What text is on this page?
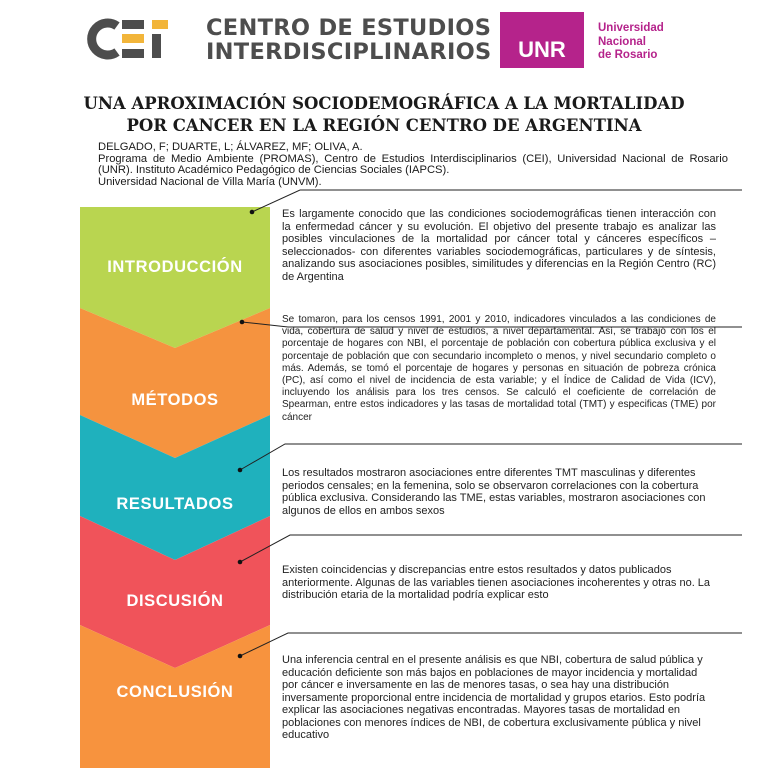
CENTRO DE ESTUDIOS
INTERDISCIPLINARIOS	UNR
Universidad
Nacional
de Rosario
UNA APROXIMACIÓN SOCIODEMOGRÁFICA A LA MORTALIDAD
POR CANCER EN LA REGIÓN CENTRO DE ARGENTINA
DELGADO, F; DUARTE, L; ÁLVAREZ, MF; OLIVA, A.
Programa de Medio Ambiente (PROMAS), Centro de Estudios Interdisciplinarios (CEI), Universidad Nacional de Rosario (UNR). Instituto Académico Pedagógico de Ciencias Sociales (IAPCS).
Universidad Nacional de Villa María (UNVM).
INTRODUCCIÓN
MÉTODOS
RESULTADOS
DISCUSIÓN
CONCLUSIÓN
Es largamente conocido que las condiciones sociodemográficas tienen interacción con la enfermedad cáncer y su evolución. El objetivo del presente trabajo es analizar las posibles vinculaciones de la mortalidad por cáncer total y cánceres específicos – seleccionados- con diferentes variables sociodemográficas, particulares y de síntesis, analizando sus asociaciones posibles, similitudes y diferencias en la Región Centro (RC) de Argentina
Se tomaron, para los censos 1991, 2001 y 2010, indicadores vinculados a las condiciones de vida, cobertura de salud y nivel de estudios, a nivel departamental. Así, se trabajó con los el porcentaje de hogares con NBI, el porcentaje de población con cobertura pública exclusiva y el porcentaje de población que con secundario incompleto o menos, y nivel secundario completo o más. Además, se tomó el porcentaje de hogares y personas en situación de pobreza crónica (PC), así como el nivel de incidencia de esta variable; y el Índice de Calidad de Vida (ICV), incluyendo los análisis para los tres censos. Se calculó el coeficiente de correlación de Spearman, entre estos indicadores y las tasas de mortalidad total (TMT) y especificas (TME) por cáncer
Los resultados mostraron asociaciones entre diferentes TMT masculinas y diferentes periodos censales; en la femenina, solo se observaron correlaciones con la cobertura pública exclusiva. Considerando las TME, estas variables, mostraron asociaciones con algunos de ellos en ambos sexos
Existen coincidencias y discrepancias entre estos resultados y datos publicados anteriormente. Algunas de las variables tienen asociaciones incoherentes y otras no. La distribución etaria de la mortalidad podría explicar esto
Una inferencia central en el presente análisis es que NBI, cobertura de salud pública y educación deficiente son más bajos en poblaciones de mayor incidencia y mortalidad por cáncer e inversamente en las de menores tasas, o sea hay una distribución inversamente proporcional entre incidencia de mortalidad y grupos etarios. Esto podría explicar las asociaciones negativas encontradas. Mayores tasas de mortalidad en poblaciones con menores índices de NBI, de cobertura exclusivamente pública y nivel educativo
